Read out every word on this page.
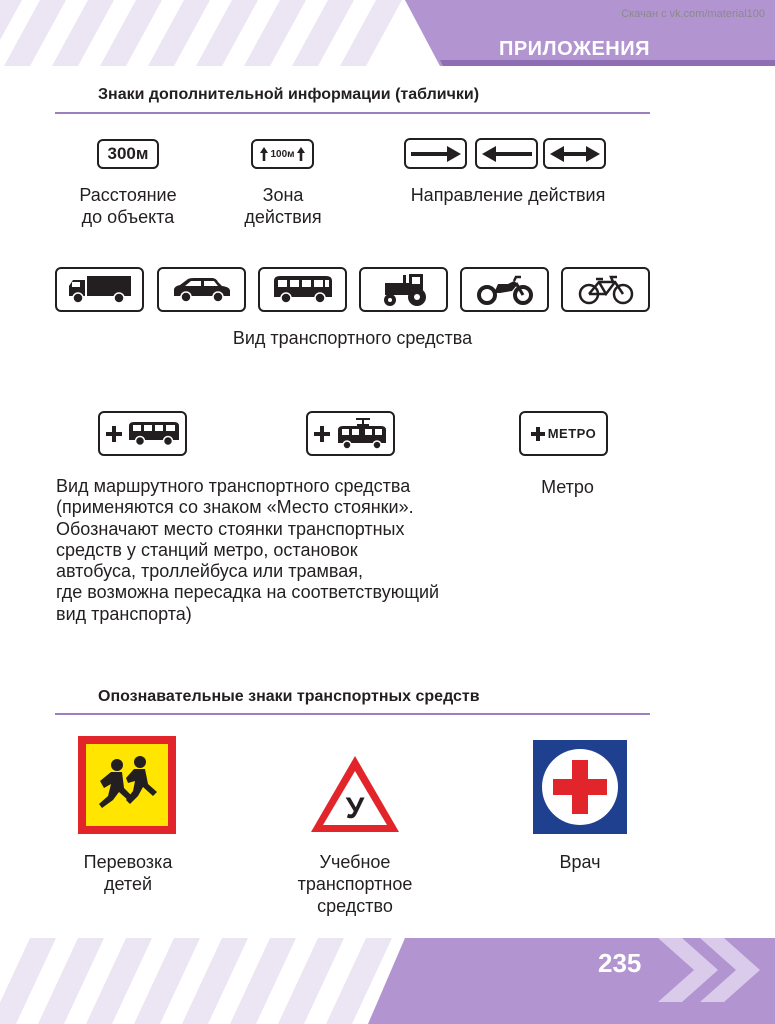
Скачан с vk.com/material100
ПРИЛОЖЕНИЯ
Знаки дополнительной информации (таблички)
300м
Расстояние
до объекта
100м
Зона
действия
Направление действия
Вид транспортного средства
МЕТРО
Вид маршрутного транспортного средства
(применяются со знаком «Место стоянки».
Обозначают место стоянки транспортных
средств у станций метро, остановок
автобуса, троллейбуса или трамвая,
где возможна пересадка на соответствующий
вид транспорта)
Метро
Опознавательные знаки транспортных средств
Перевозка
детей
У
Учебное
транспортное
средство
Врач
235
